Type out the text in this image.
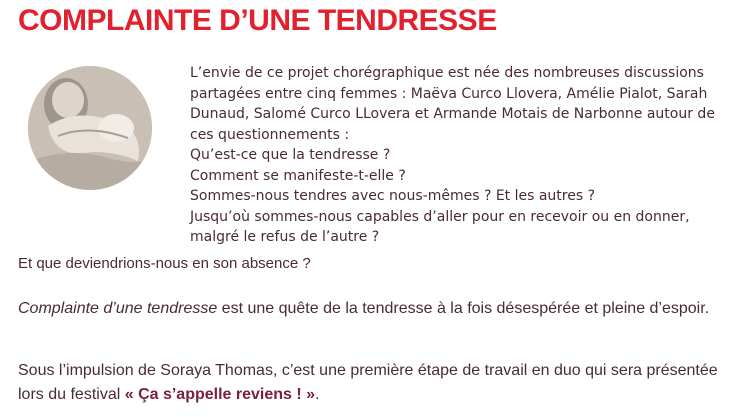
COMPLAINTE D’UNE TENDRESSE

L’envie de ce projet chorégraphique est née des nombreuses discussions partagées entre cinq femmes : Maëva Curco Llovera, Amélie Pialot, Sarah Dunaud, Salomé Curco LLovera et Armande Motais de Narbonne autour de ces questionnements :

Qu’est-ce que la tendresse ?

Comment se manifeste-t-elle ?

Sommes-nous tendres avec nous-mêmes ? Et les autres ?

Jusqu’où sommes-nous capables d’aller pour en recevoir ou en donner, malgré le refus de l’autre ?

Et que deviendrions-nous en son absence ?

Complainte d’une tendresse est une quête de la tendresse à la fois désespérée et pleine d’espoir.

Sous l’impulsion de Soraya Thomas, c’est une première étape de travail en duo qui sera présentée lors du festival « Ça s’appelle reviens ! ».
